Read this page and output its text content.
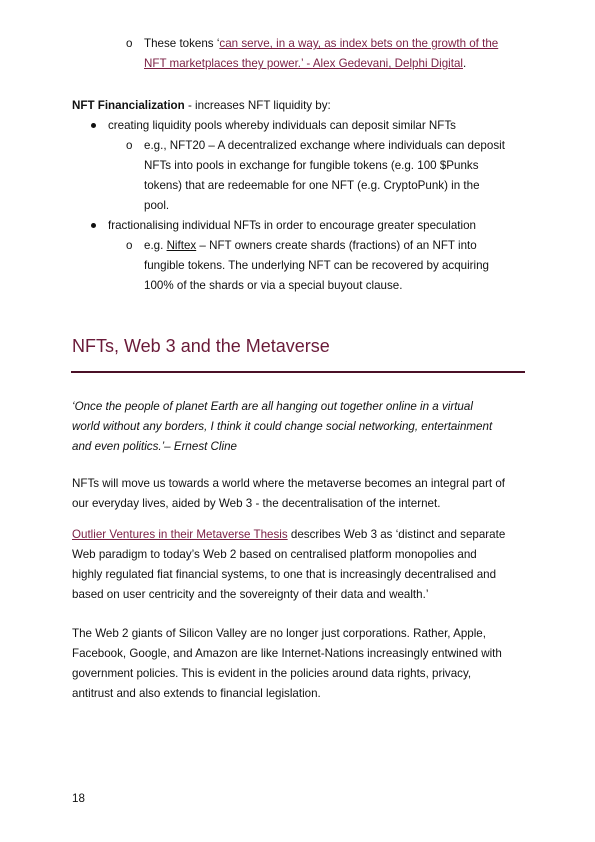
o These tokens ‘can serve, in a way, as index bets on the growth of the
NFT marketplaces they power.’ - Alex Gedevani, Delphi Digital.
NFT Financialization - increases NFT liquidity by:
creating liquidity pools whereby individuals can deposit similar NFTs
o e.g., NFT20 – A decentralized exchange where individuals can deposit
NFTs into pools in exchange for fungible tokens (e.g. 100 $Punks
tokens) that are redeemable for one NFT (e.g. CryptoPunk) in the
pool.
fractionalising individual NFTs in order to encourage greater speculation
o e.g. Niftex – NFT owners create shards (fractions) of an NFT into
fungible tokens. The underlying NFT can be recovered by acquiring
100% of the shards or via a special buyout clause.
NFTs, Web 3 and the Metaverse
‘Once the people of planet Earth are all hanging out together online in a virtual
world without any borders, I think it could change social networking, entertainment
and even politics.’– Ernest Cline
NFTs will move us towards a world where the metaverse becomes an integral part of
our everyday lives, aided by Web 3 - the decentralisation of the internet.
Outlier Ventures in their Metaverse Thesis describes Web 3 as ‘distinct and separate
Web paradigm to today’s Web 2 based on centralised platform monopolies and
highly regulated fiat financial systems, to one that is increasingly decentralised and
based on user centricity and the sovereignty of their data and wealth.’
The Web 2 giants of Silicon Valley are no longer just corporations. Rather, Apple,
Facebook, Google, and Amazon are like Internet-Nations increasingly entwined with
government policies. This is evident in the policies around data rights, privacy,
antitrust and also extends to financial legislation.
18
